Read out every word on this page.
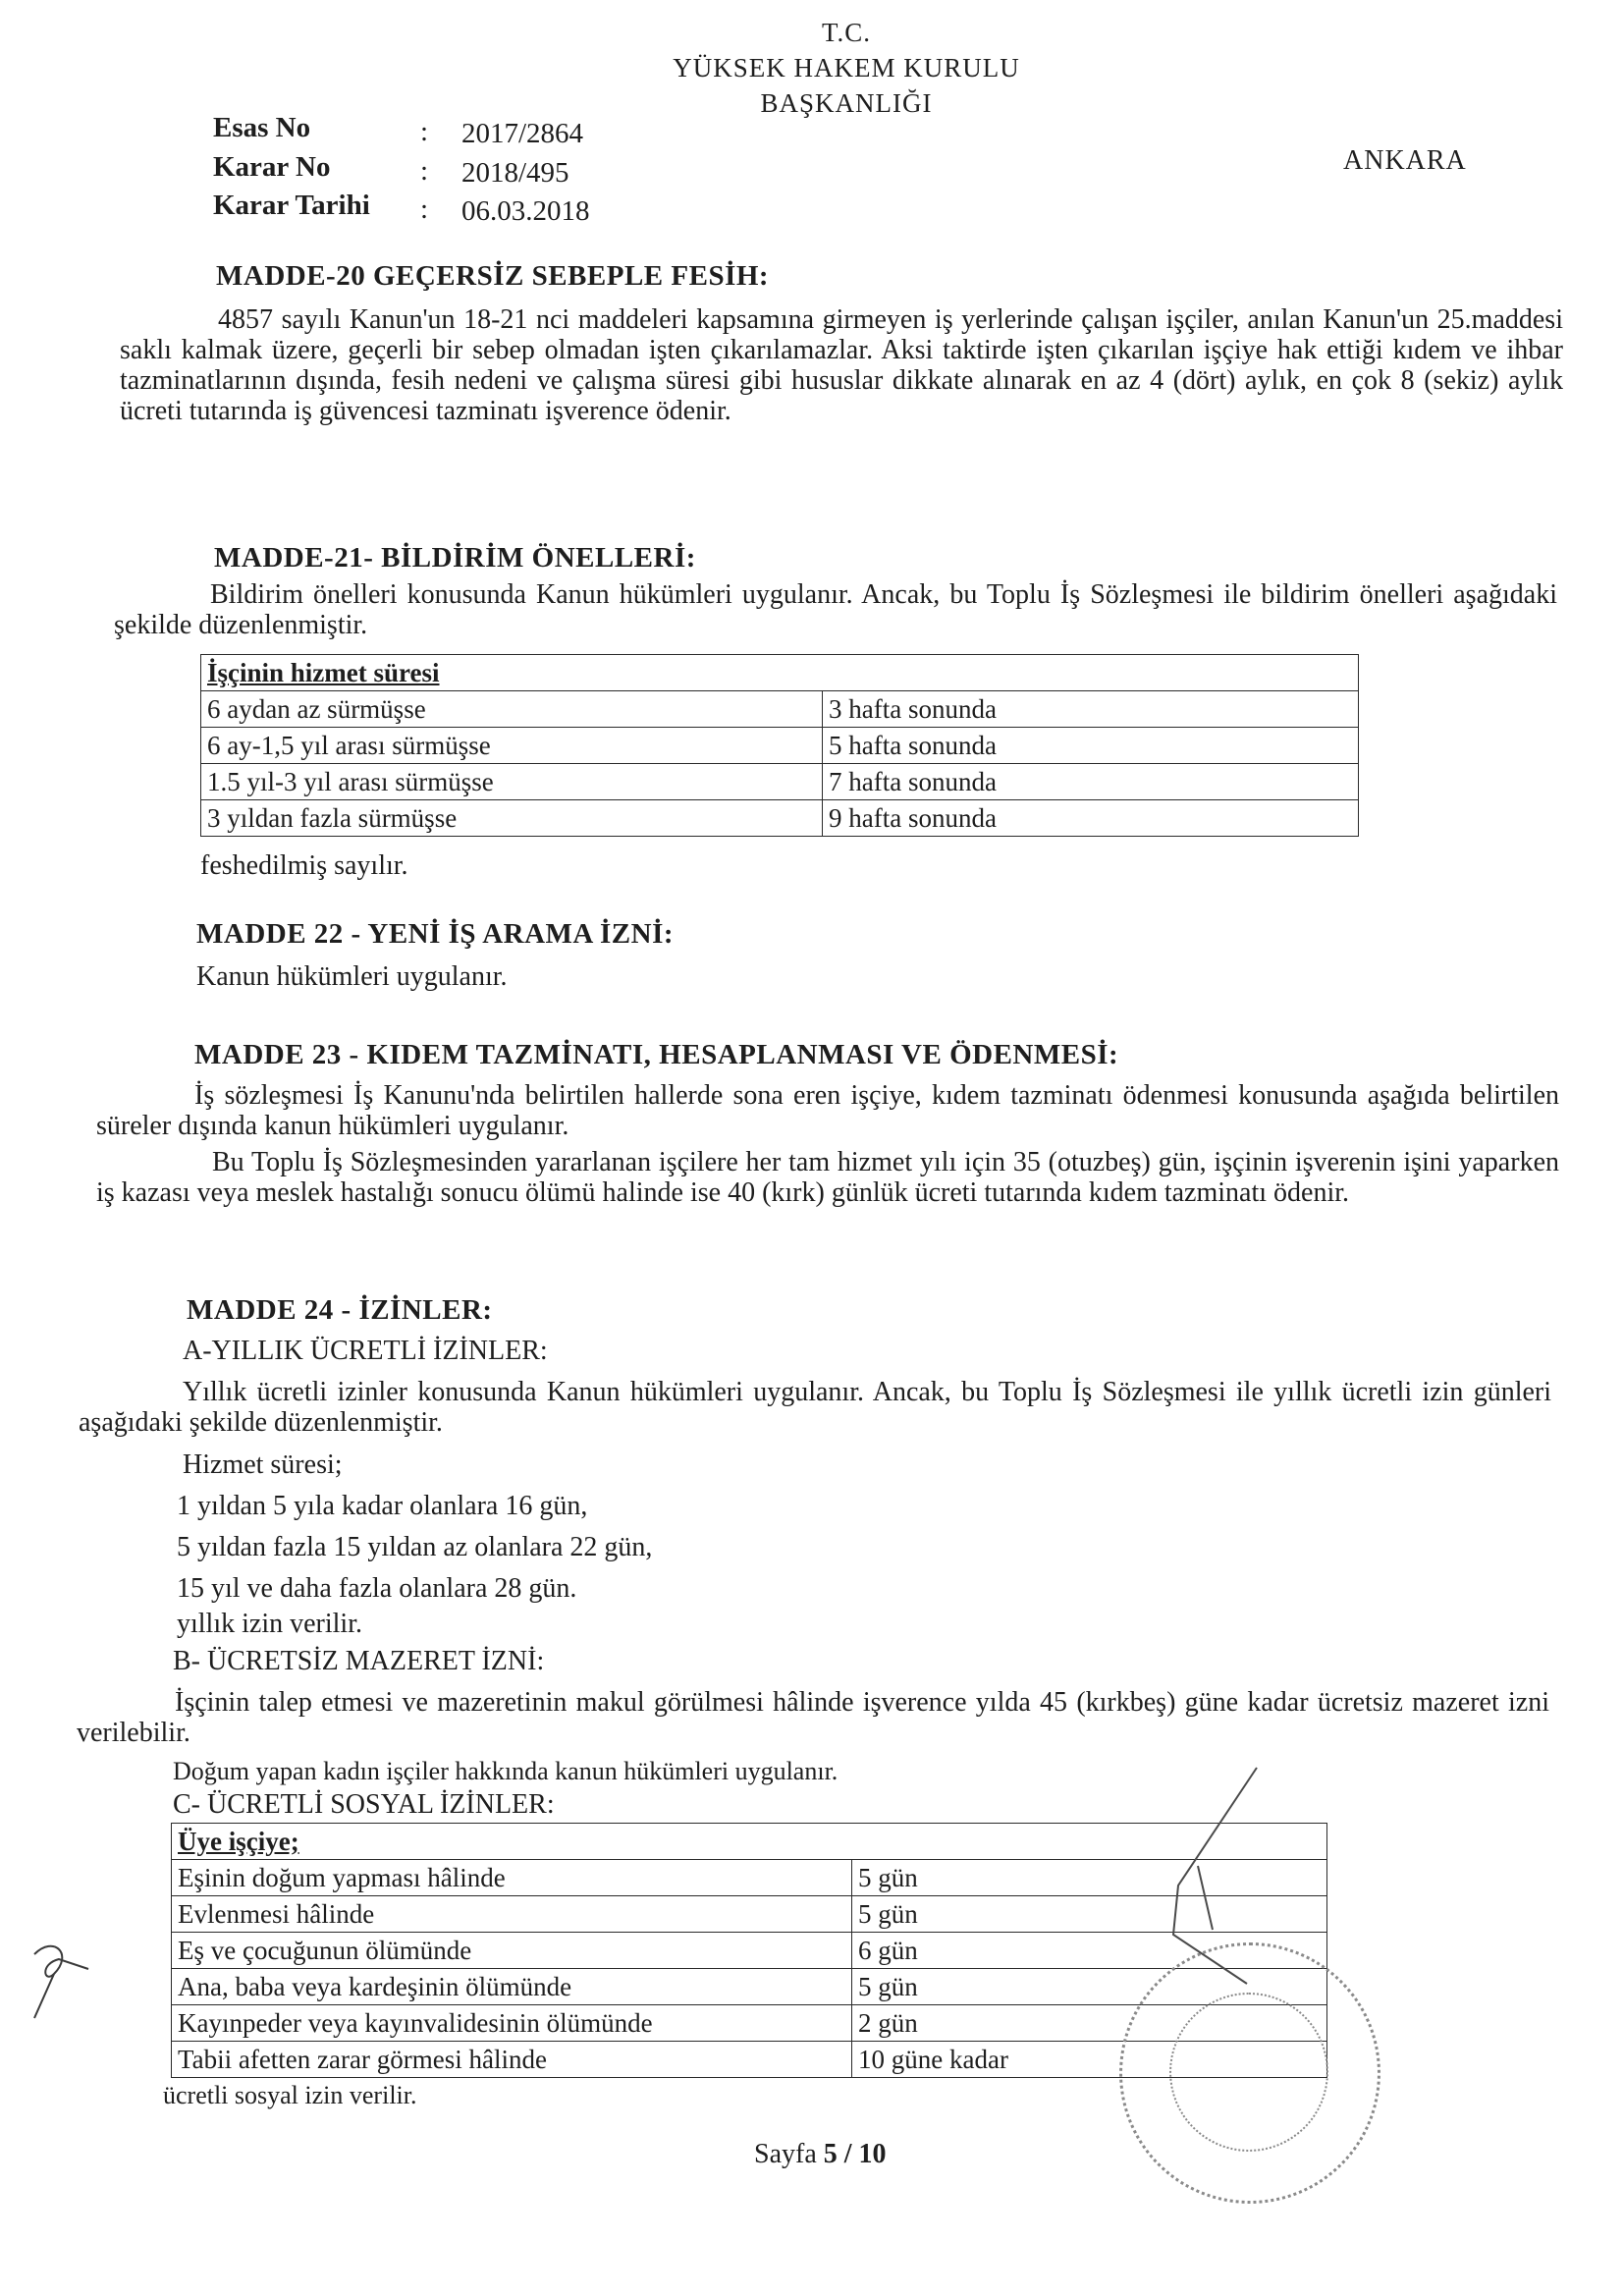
T.C.
YÜKSEK HAKEM KURULU
BAŞKANLIĞI
ANKARA
Esas No	: 2017/2864
Karar No	: 2018/495
Karar Tarihi : 06.03.2018
MADDE-20 GEÇERSİZ SEBEPLE FESİH:
4857 sayılı Kanun'un 18-21 nci maddeleri kapsamına girmeyen iş yerlerinde çalışan işçiler, anılan Kanun'un 25.maddesi saklı kalmak üzere, geçerli bir sebep olmadan işten çıkarılamazlar. Aksi taktirde işten çıkarılan işçiye hak ettiği kıdem ve ihbar tazminatlarının dışında, fesih nedeni ve çalışma süresi gibi hususlar dikkate alınarak en az 4 (dört) aylık, en çok 8 (sekiz) aylık ücreti tutarında iş güvencesi tazminatı işverence ödenir.
MADDE-21- BİLDİRİM ÖNELLERİ:
Bildirim önelleri konusunda Kanun hükümleri uygulanır. Ancak, bu Toplu İş Sözleşmesi ile bildirim önelleri aşağıdaki şekilde düzenlenmiştir.
İşçinin hizmet süresi	
6 aydan az sürmüşse	3 hafta sonunda
6 ay-1,5 yıl arası sürmüşse	5 hafta sonunda
1.5 yıl-3 yıl arası sürmüşse	7 hafta sonunda
3 yıldan fazla sürmüşse	9 hafta sonunda
feshedilmiş sayılır.
MADDE 22 - YENİ İŞ ARAMA İZNİ:
Kanun hükümleri uygulanır.
MADDE 23 - KIDEM TAZMİNATI, HESAPLANMASI VE ÖDENMESİ:
İş sözleşmesi İş Kanunu'nda belirtilen hallerde sona eren işçiye, kıdem tazminatı ödenmesi konusunda aşağıda belirtilen süreler dışında kanun hükümleri uygulanır.
Bu Toplu İş Sözleşmesinden yararlanan işçilere her tam hizmet yılı için 35 (otuzbeş) gün, işçinin işverenin işini yaparken iş kazası veya meslek hastalığı sonucu ölümü halinde ise 40 (kırk) günlük ücreti tutarında kıdem tazminatı ödenir.
MADDE 24 - İZİNLER:
A-YILLIK ÜCRETLİ İZİNLER:
Yıllık ücretli izinler konusunda Kanun hükümleri uygulanır. Ancak, bu Toplu İş Sözleşmesi ile yıllık ücretli izin günleri aşağıdaki şekilde düzenlenmiştir.
Hizmet süresi;
1 yıldan 5 yıla kadar olanlara 16 gün,
5 yıldan fazla 15 yıldan az olanlara 22 gün,
15 yıl ve daha fazla olanlara 28 gün.
yıllık izin verilir.
B- ÜCRETSİZ MAZERET İZNİ:
İşçinin talep etmesi ve mazeretinin makul görülmesi hâlinde işverence yılda 45 (kırkbeş) güne kadar ücretsiz mazeret izni verilebilir.
Doğum yapan kadın işçiler hakkında kanun hükümleri uygulanır.
C- ÜCRETLİ SOSYAL İZİNLER:
Üye işçiye;	
Eşinin doğum yapması hâlinde	5 gün
Evlenmesi hâlinde	5 gün
Eş ve çocuğunun ölümünde	6 gün
Ana, baba veya kardeşinin ölümünde	5 gün
Kayınpeder veya kayınvalidesinin ölümünde	2 gün
Tabii afetten zarar görmesi hâlinde	10 güne kadar
ücretli sosyal izin verilir.
Sayfa 5 / 10
